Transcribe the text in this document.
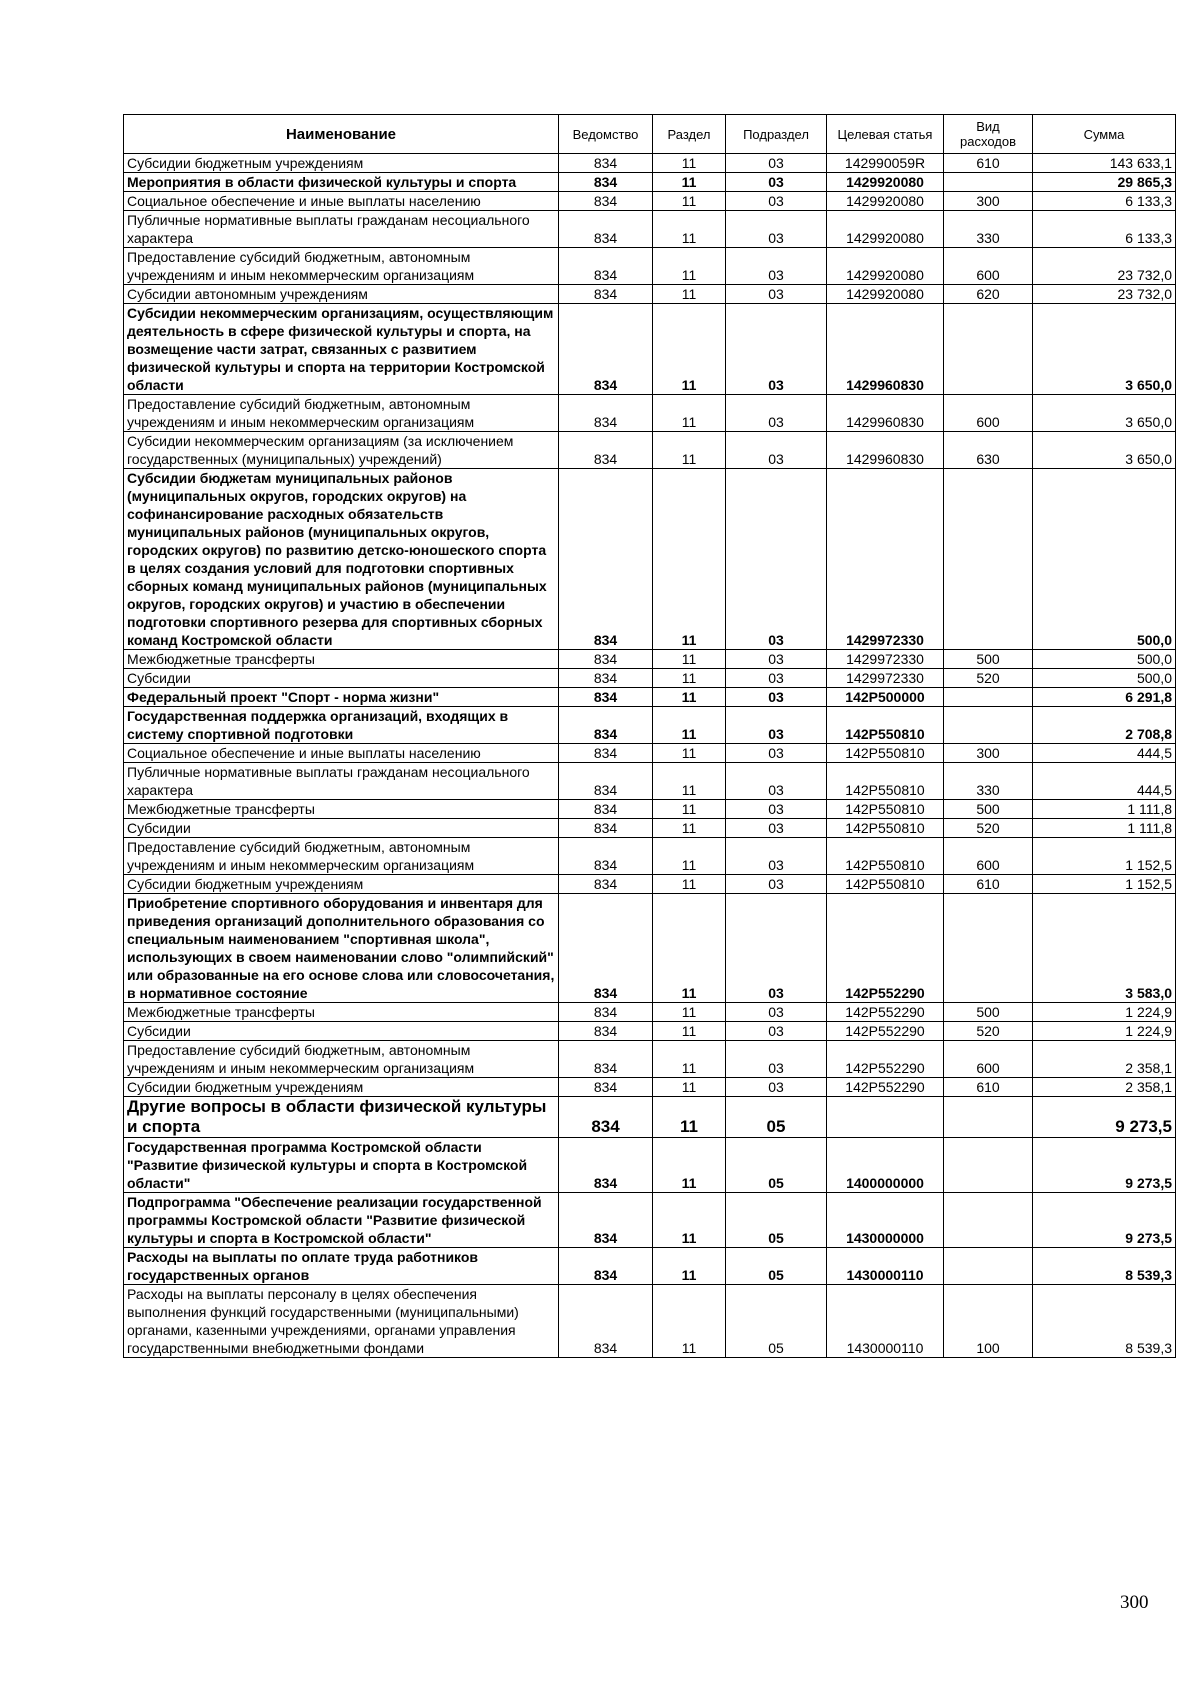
Наименование	Ведомство	Раздел	Подраздел	Целевая статья	Вид расходов	Сумма
Субсидии бюджетным учреждениям	834	11	03	142990059R	610	143 633,1
Мероприятия в области физической культуры и спорта	834	11	03	1429920080		29 865,3
Социальное обеспечение и иные выплаты населению	834	11	03	1429920080	300	6 133,3
Публичные нормативные выплаты гражданам несоциального характера	834	11	03	1429920080	330	6 133,3
Предоставление субсидий бюджетным, автономным учреждениям и иным некоммерческим организациям	834	11	03	1429920080	600	23 732,0
Субсидии автономным учреждениям	834	11	03	1429920080	620	23 732,0
Субсидии некоммерческим организациям, осуществляющим деятельность в сфере физической культуры и спорта, на возмещение части затрат, связанных с развитием физической культуры и спорта на территории Костромской области	834	11	03	1429960830		3 650,0
Предоставление субсидий бюджетным, автономным учреждениям и иным некоммерческим организациям	834	11	03	1429960830	600	3 650,0
Субсидии некоммерческим организациям (за исключением государственных (муниципальных) учреждений)	834	11	03	1429960830	630	3 650,0
Субсидии бюджетам муниципальных районов (муниципальных округов, городских округов) на софинансирование расходных обязательств муниципальных районов (муниципальных округов, городских округов) по развитию детско-юношеского спорта в целях создания условий для подготовки спортивных сборных команд муниципальных районов (муниципальных округов, городских округов) и участию в обеспечении подготовки спортивного резерва для спортивных сборных команд Костромской области	834	11	03	1429972330		500,0
Межбюджетные трансферты	834	11	03	1429972330	500	500,0
Субсидии	834	11	03	1429972330	520	500,0
Федеральный проект "Спорт - норма жизни"	834	11	03	142P500000		6 291,8
Государственная поддержка организаций, входящих в систему спортивной подготовки	834	11	03	142P550810		2 708,8
Социальное обеспечение и иные выплаты населению	834	11	03	142P550810	300	444,5
Публичные нормативные выплаты гражданам несоциального характера	834	11	03	142P550810	330	444,5
Межбюджетные трансферты	834	11	03	142P550810	500	1 111,8
Субсидии	834	11	03	142P550810	520	1 111,8
Предоставление субсидий бюджетным, автономным учреждениям и иным некоммерческим организациям	834	11	03	142P550810	600	1 152,5
Субсидии бюджетным учреждениям	834	11	03	142P550810	610	1 152,5
Приобретение спортивного оборудования и инвентаря для приведения организаций дополнительного образования со специальным наименованием "спортивная школа", использующих в своем наименовании слово "олимпийский" или образованные на его основе слова или словосочетания, в нормативное состояние	834	11	03	142P552290		3 583,0
Межбюджетные трансферты	834	11	03	142P552290	500	1 224,9
Субсидии	834	11	03	142P552290	520	1 224,9
Предоставление субсидий бюджетным, автономным учреждениям и иным некоммерческим организациям	834	11	03	142P552290	600	2 358,1
Субсидии бюджетным учреждениям	834	11	03	142P552290	610	2 358,1
Другие вопросы в области физической культуры и спорта	834	11	05			9 273,5
Государственная программа Костромской области "Развитие физической культуры и спорта в Костромской области"	834	11	05	1400000000		9 273,5
Подпрограмма "Обеспечение реализации государственной программы Костромской области "Развитие физической культуры и спорта в Костромской области"	834	11	05	1430000000		9 273,5
Расходы на выплаты по оплате труда работников государственных органов	834	11	05	1430000110		8 539,3
Расходы на выплаты персоналу в целях обеспечения выполнения функций государственными (муниципальными) органами, казенными учреждениями, органами управления государственными внебюджетными фондами	834	11	05	1430000110	100	8 539,3
300
